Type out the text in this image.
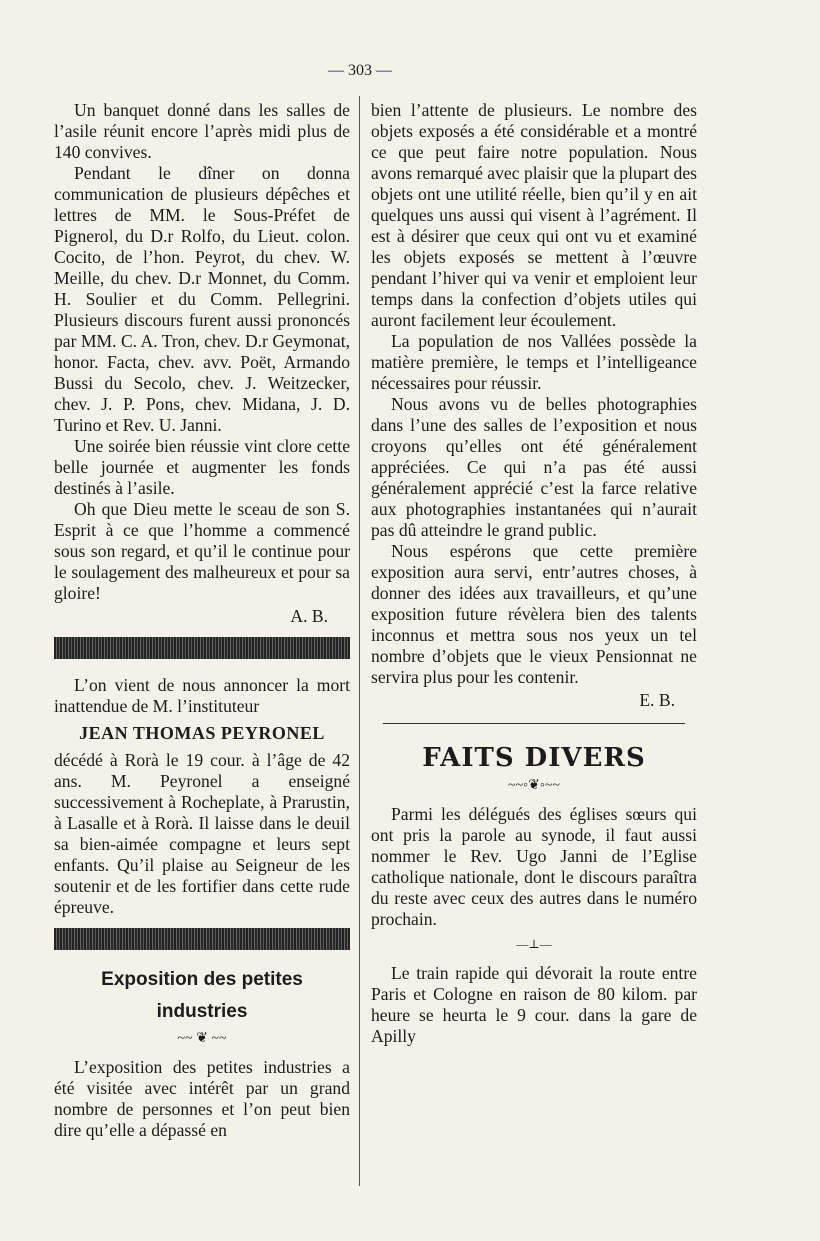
— 303 —

Un banquet donné dans les salles de l’asile réunit encore l’après midi plus de 140 convives.

Pendant le dîner on donna communication de plusieurs dépêches et lettres de MM. le Sous-Préfet de Pignerol, du D.r Rolfo, du Lieut. colon. Cocito, de l’hon. Peyrot, du chev. W. Meille, du chev. D.r Monnet, du Comm. H. Soulier et du Comm. Pellegrini. Plusieurs discours furent aussi prononcés par MM. C. A. Tron, chev. D.r Geymonat, honor. Facta, chev. avv. Poët, Armando Bussi du Secolo, chev. J. Weitzecker, chev. J. P. Pons, chev. Midana, J. D. Turino et Rev. U. Janni.

Une soirée bien réussie vint clore cette belle journée et augmenter les fonds destinés à l’asile.

Oh que Dieu mette le sceau de son S. Esprit à ce que l’homme a commencé sous son regard, et qu’il le continue pour le soulagement des malheureux et pour sa gloire!

A. B.

L’on vient de nous annoncer la mort inattendue de M. l’instituteur

JEAN THOMAS PEYRONEL

décédé à Rorà le 19 cour. à l’âge de 42 ans. M. Peyronel a enseigné successivement à Rocheplate, à Prarustin, à Lasalle et à Rorà. Il laisse dans le deuil sa bien-aimée compagne et leurs sept enfants. Qu’il plaise au Seigneur de les soutenir et de les fortifier dans cette rude épreuve.

Exposition des petites
industries
~~ ❦ ~~

L’exposition des petites industries a été visitée avec intérêt par un grand nombre de personnes et l’on peut bien dire qu’elle a dépassé en

bien l’attente de plusieurs. Le nombre des objets exposés a été considérable et a montré ce que peut faire notre population. Nous avons remarqué avec plaisir que la plupart des objets ont une utilité réelle, bien qu’il y en ait quelques uns aussi qui visent à l’agrément. Il est à désirer que ceux qui ont vu et examiné les objets exposés se mettent à l’œuvre pendant l’hiver qui va venir et emploient leur temps dans la confection d’objets utiles qui auront facilement leur écoulement.

La population de nos Vallées possède la matière première, le temps et l’intelligeance nécessaires pour réussir.

Nous avons vu de belles photographies dans l’une des salles de l’exposition et nous croyons qu’elles ont été généralement appréciées. Ce qui n’a pas été aussi généralement apprécié c’est la farce relative aux photographies instantanées qui n’aurait pas dû atteindre le grand public.

Nous espérons que cette première exposition aura servi, entr’autres choses, à donner des idées aux travailleurs, et qu’une exposition future révèlera bien des talents inconnus et mettra sous nos yeux un tel nombre d’objets que le vieux Pensionnat ne servira plus pour les contenir.

E. B.

FAITS DIVERS
~~◦❦◦~~

Parmi les délégués des églises sœurs qui ont pris la parole au synode, il faut aussi nommer le Rev. Ugo Janni de l’Eglise catholique nationale, dont le discours paraîtra du reste avec ceux des autres dans le numéro prochain.

—⊥—

Le train rapide qui dévorait la route entre Paris et Cologne en raison de 80 kilom. par heure se heurta le 9 cour. dans la gare de Apilly
